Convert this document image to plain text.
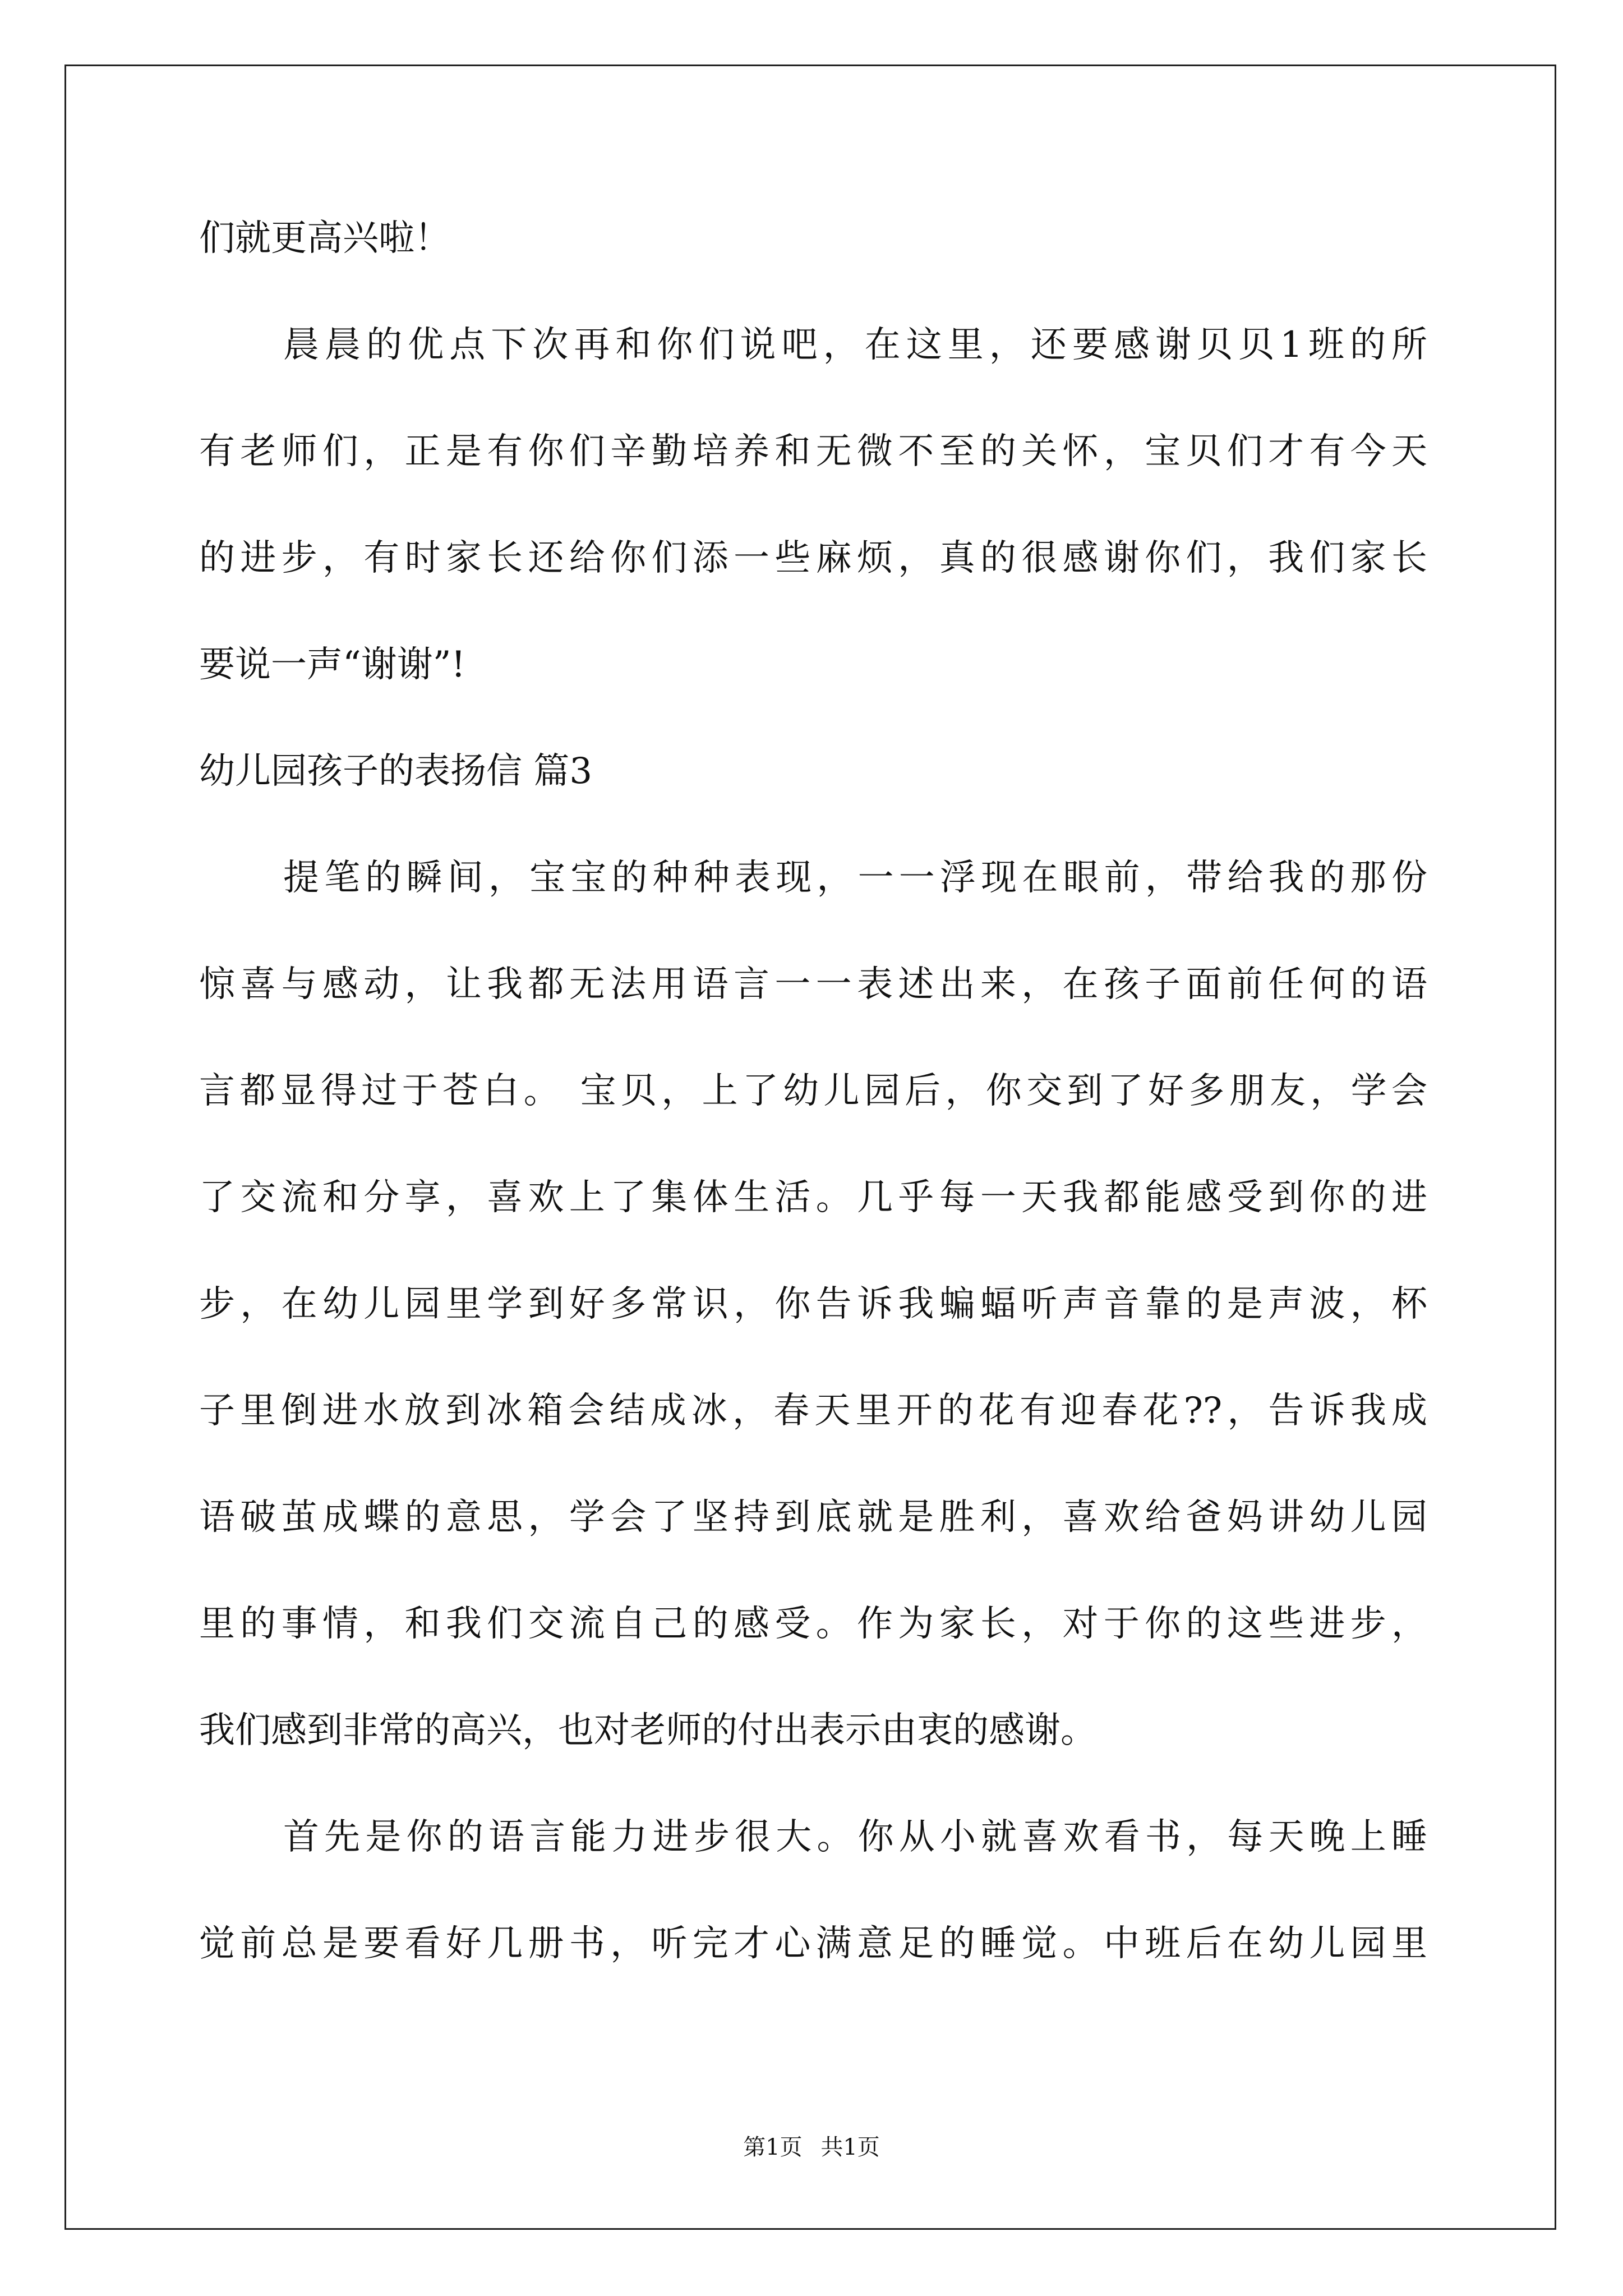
们就更高兴啦！
晨晨的优点下次再和你们说吧，在这里，还要感谢贝贝1班的所
有老师们，正是有你们辛勤培养和无微不至的关怀，宝贝们才有今天
的进步，有时家长还给你们添一些麻烦，真的很感谢你们，我们家长
要说一声“谢谢”!
幼儿园孩子的表扬信 篇3
提笔的瞬间，宝宝的种种表现，一一浮现在眼前，带给我的那份
惊喜与感动，让我都无法用语言一一表述出来，在孩子面前任何的语
言都显得过于苍白。 宝贝，上了幼儿园后，你交到了好多朋友，学会
了交流和分享，喜欢上了集体生活。几乎每一天我都能感受到你的进
步，在幼儿园里学到好多常识，你告诉我蝙蝠听声音靠的是声波，杯
子里倒进水放到冰箱会结成冰，春天里开的花有迎春花??，告诉我成
语破茧成蝶的意思，学会了坚持到底就是胜利，喜欢给爸妈讲幼儿园
里的事情，和我们交流自己的感受。作为家长，对于你的这些进步，
我们感到非常的高兴，也对老师的付出表示由衷的感谢。
首先是你的语言能力进步很大。你从小就喜欢看书，每天晚上睡
觉前总是要看好几册书，听完才心满意足的睡觉。中班后在幼儿园里
第1页 共1页
